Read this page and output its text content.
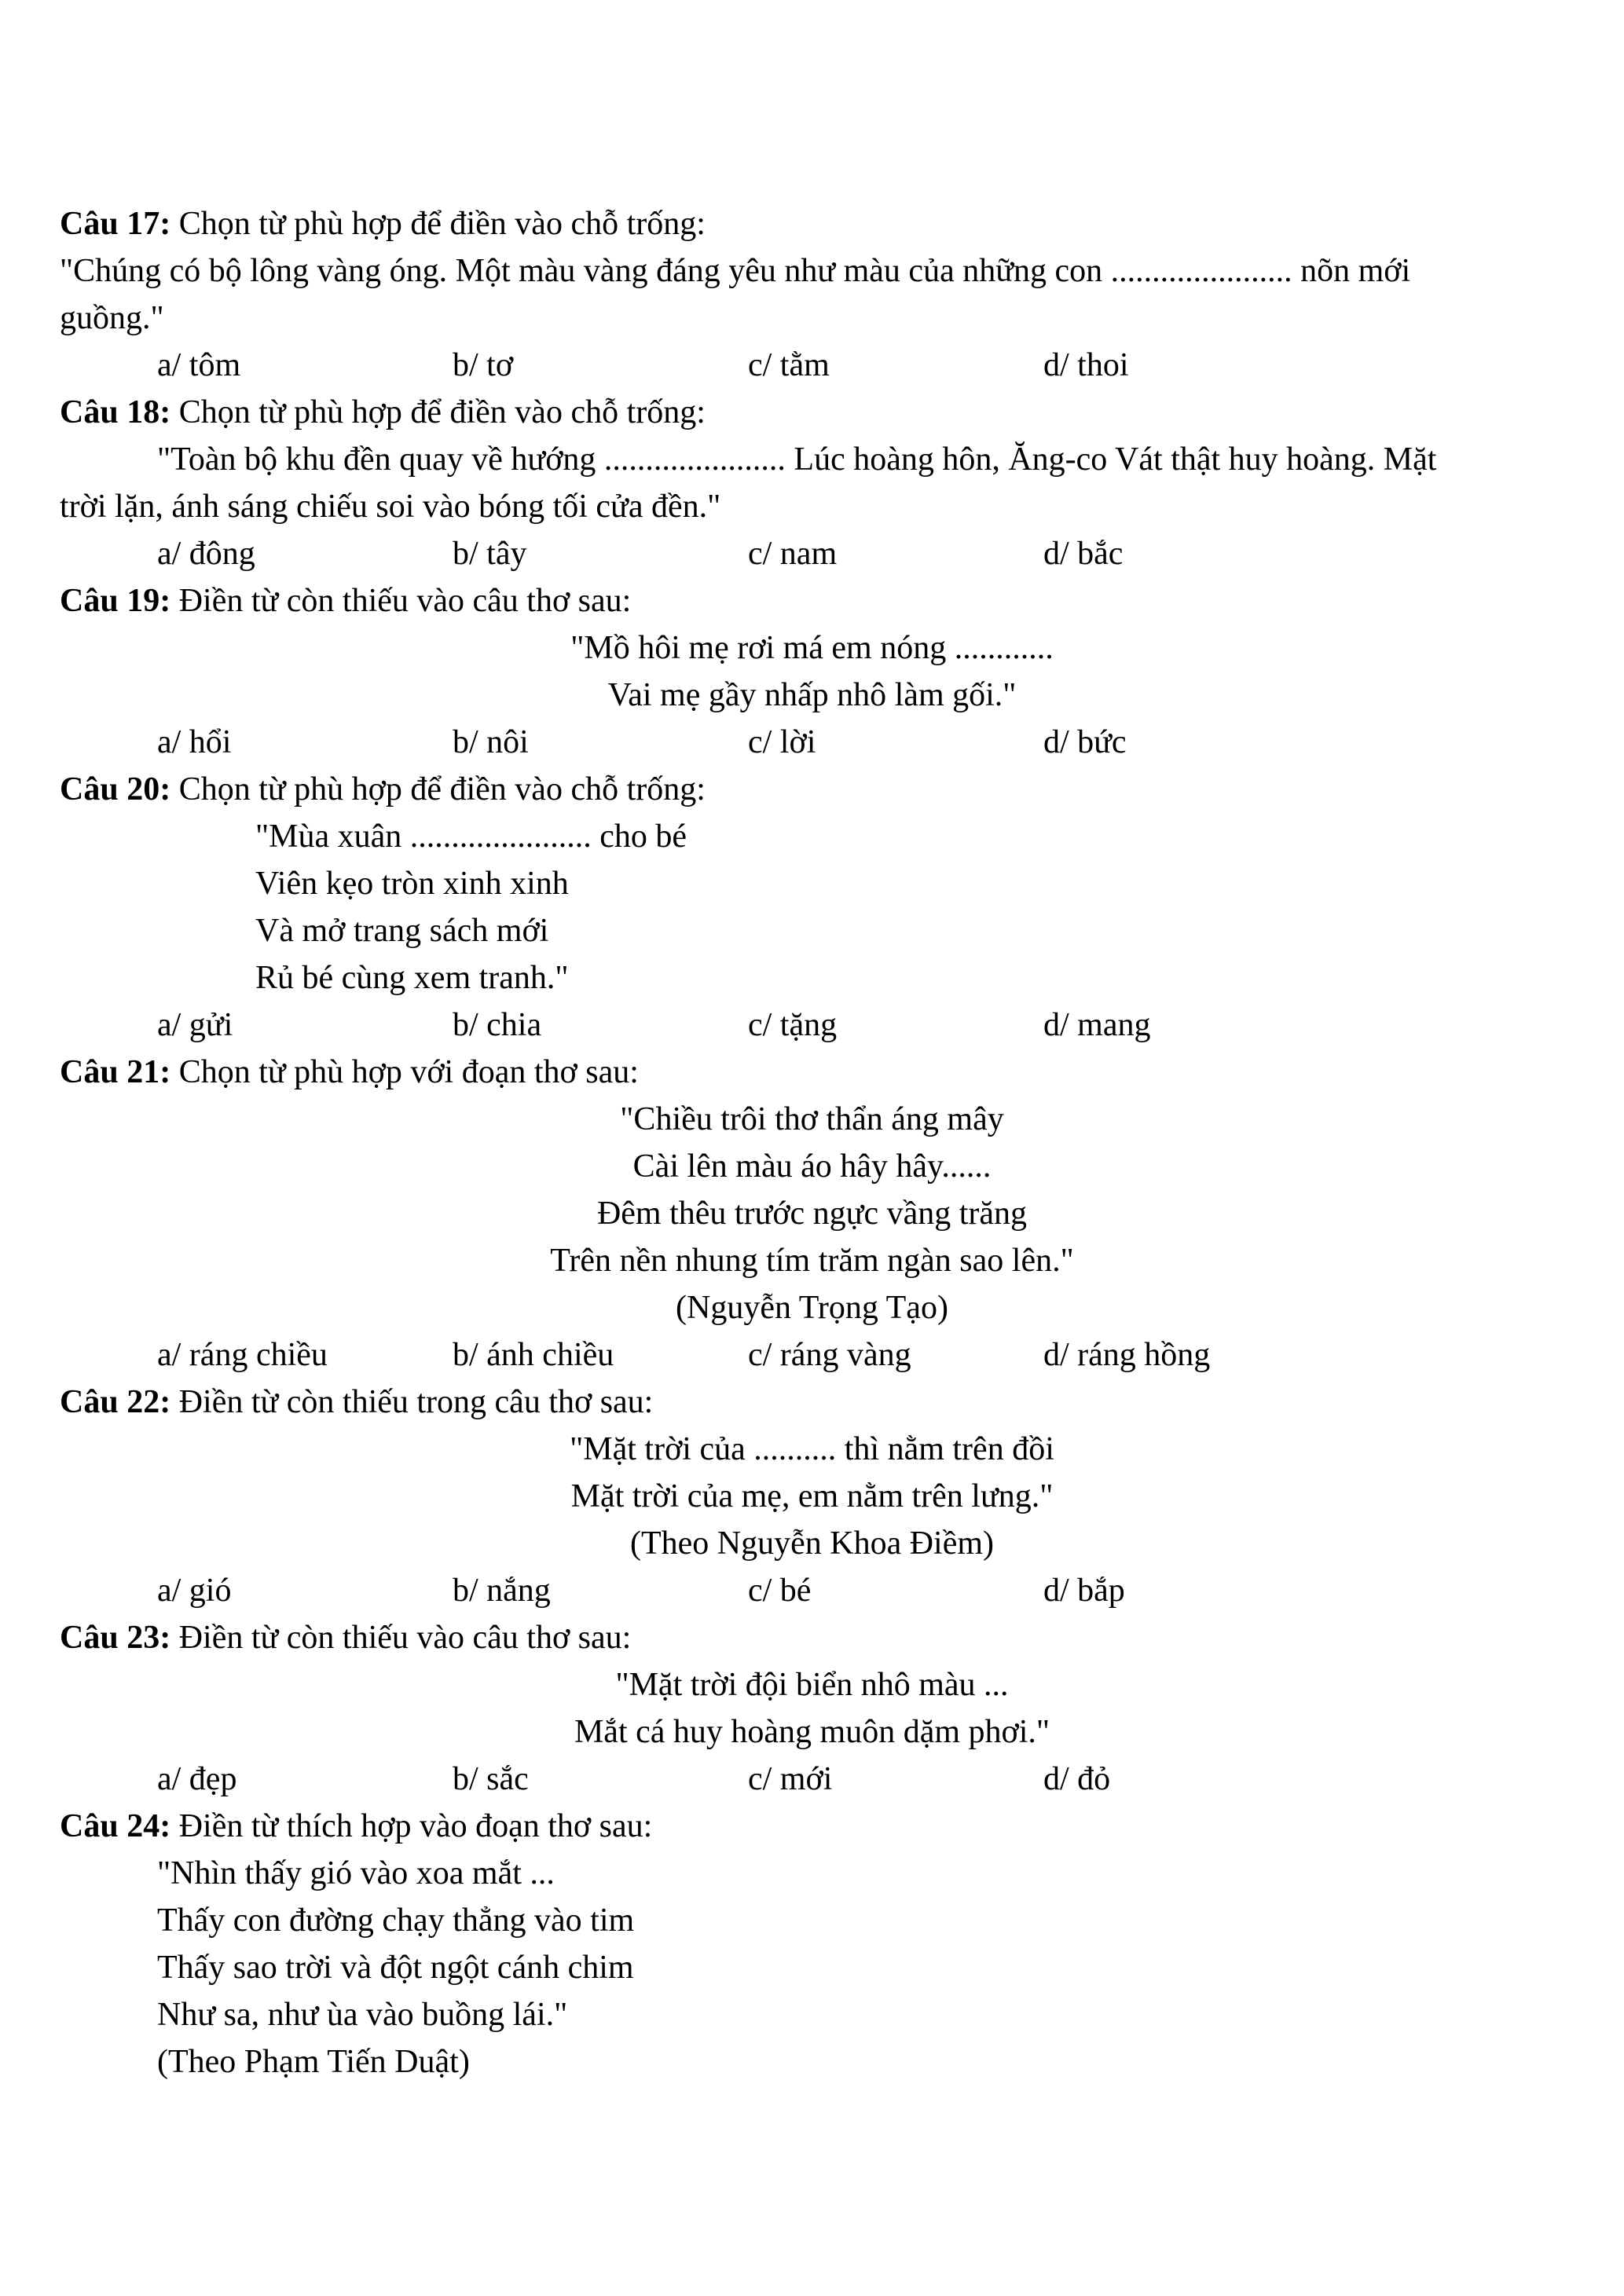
Câu 17: Chọn từ phù hợp để điền vào chỗ trống:
"Chúng có bộ lông vàng óng. Một màu vàng đáng yêu như màu của những con ...................... nõn mới
guồng."
a/ tôm	b/ tơ	c/ tằm	d/ thoi
Câu 18: Chọn từ phù hợp để điền vào chỗ trống:
"Toàn bộ khu đền quay về hướng ...................... Lúc hoàng hôn, Ăng-co Vát thật huy hoàng. Mặt
trời lặn, ánh sáng chiếu soi vào bóng tối cửa đền."
a/ đông	b/ tây	c/ nam	d/ bắc
Câu 19: Điền từ còn thiếu vào câu thơ sau:
"Mồ hôi mẹ rơi má em nóng ............
Vai mẹ gầy nhấp nhô làm gối."
a/ hổi	b/ nôi	c/ lời	d/ bức
Câu 20: Chọn từ phù hợp để điền vào chỗ trống:
"Mùa xuân ...................... cho bé
Viên kẹo tròn xinh xinh
Và mở trang sách mới
Rủ bé cùng xem tranh."
a/ gửi	b/ chia	c/ tặng	d/ mang
Câu 21: Chọn từ phù hợp với đoạn thơ sau:
"Chiều trôi thơ thẩn áng mây
Cài lên màu áo hây hây......
Đêm thêu trước ngực vầng trăng
Trên nền nhung tím trăm ngàn sao lên."
(Nguyễn Trọng Tạo)
a/ ráng chiều	b/ ánh chiều	c/ ráng vàng	d/ ráng hồng
Câu 22: Điền từ còn thiếu trong câu thơ sau:
"Mặt trời của .......... thì nằm trên đồi
Mặt trời của mẹ, em nằm trên lưng."
(Theo Nguyễn Khoa Điềm)
a/ gió	b/ nắng	c/ bé	d/ bắp
Câu 23: Điền từ còn thiếu vào câu thơ sau:
"Mặt trời đội biển nhô màu ...
Mắt cá huy hoàng muôn dặm phơi."
a/ đẹp	b/ sắc	c/ mới	d/ đỏ
Câu 24: Điền từ thích hợp vào đoạn thơ sau:
"Nhìn thấy gió vào xoa mắt ...
Thấy con đường chạy thẳng vào tim
Thấy sao trời và đột ngột cánh chim
Như sa, như ùa vào buồng lái."
(Theo Phạm Tiến Duật)
